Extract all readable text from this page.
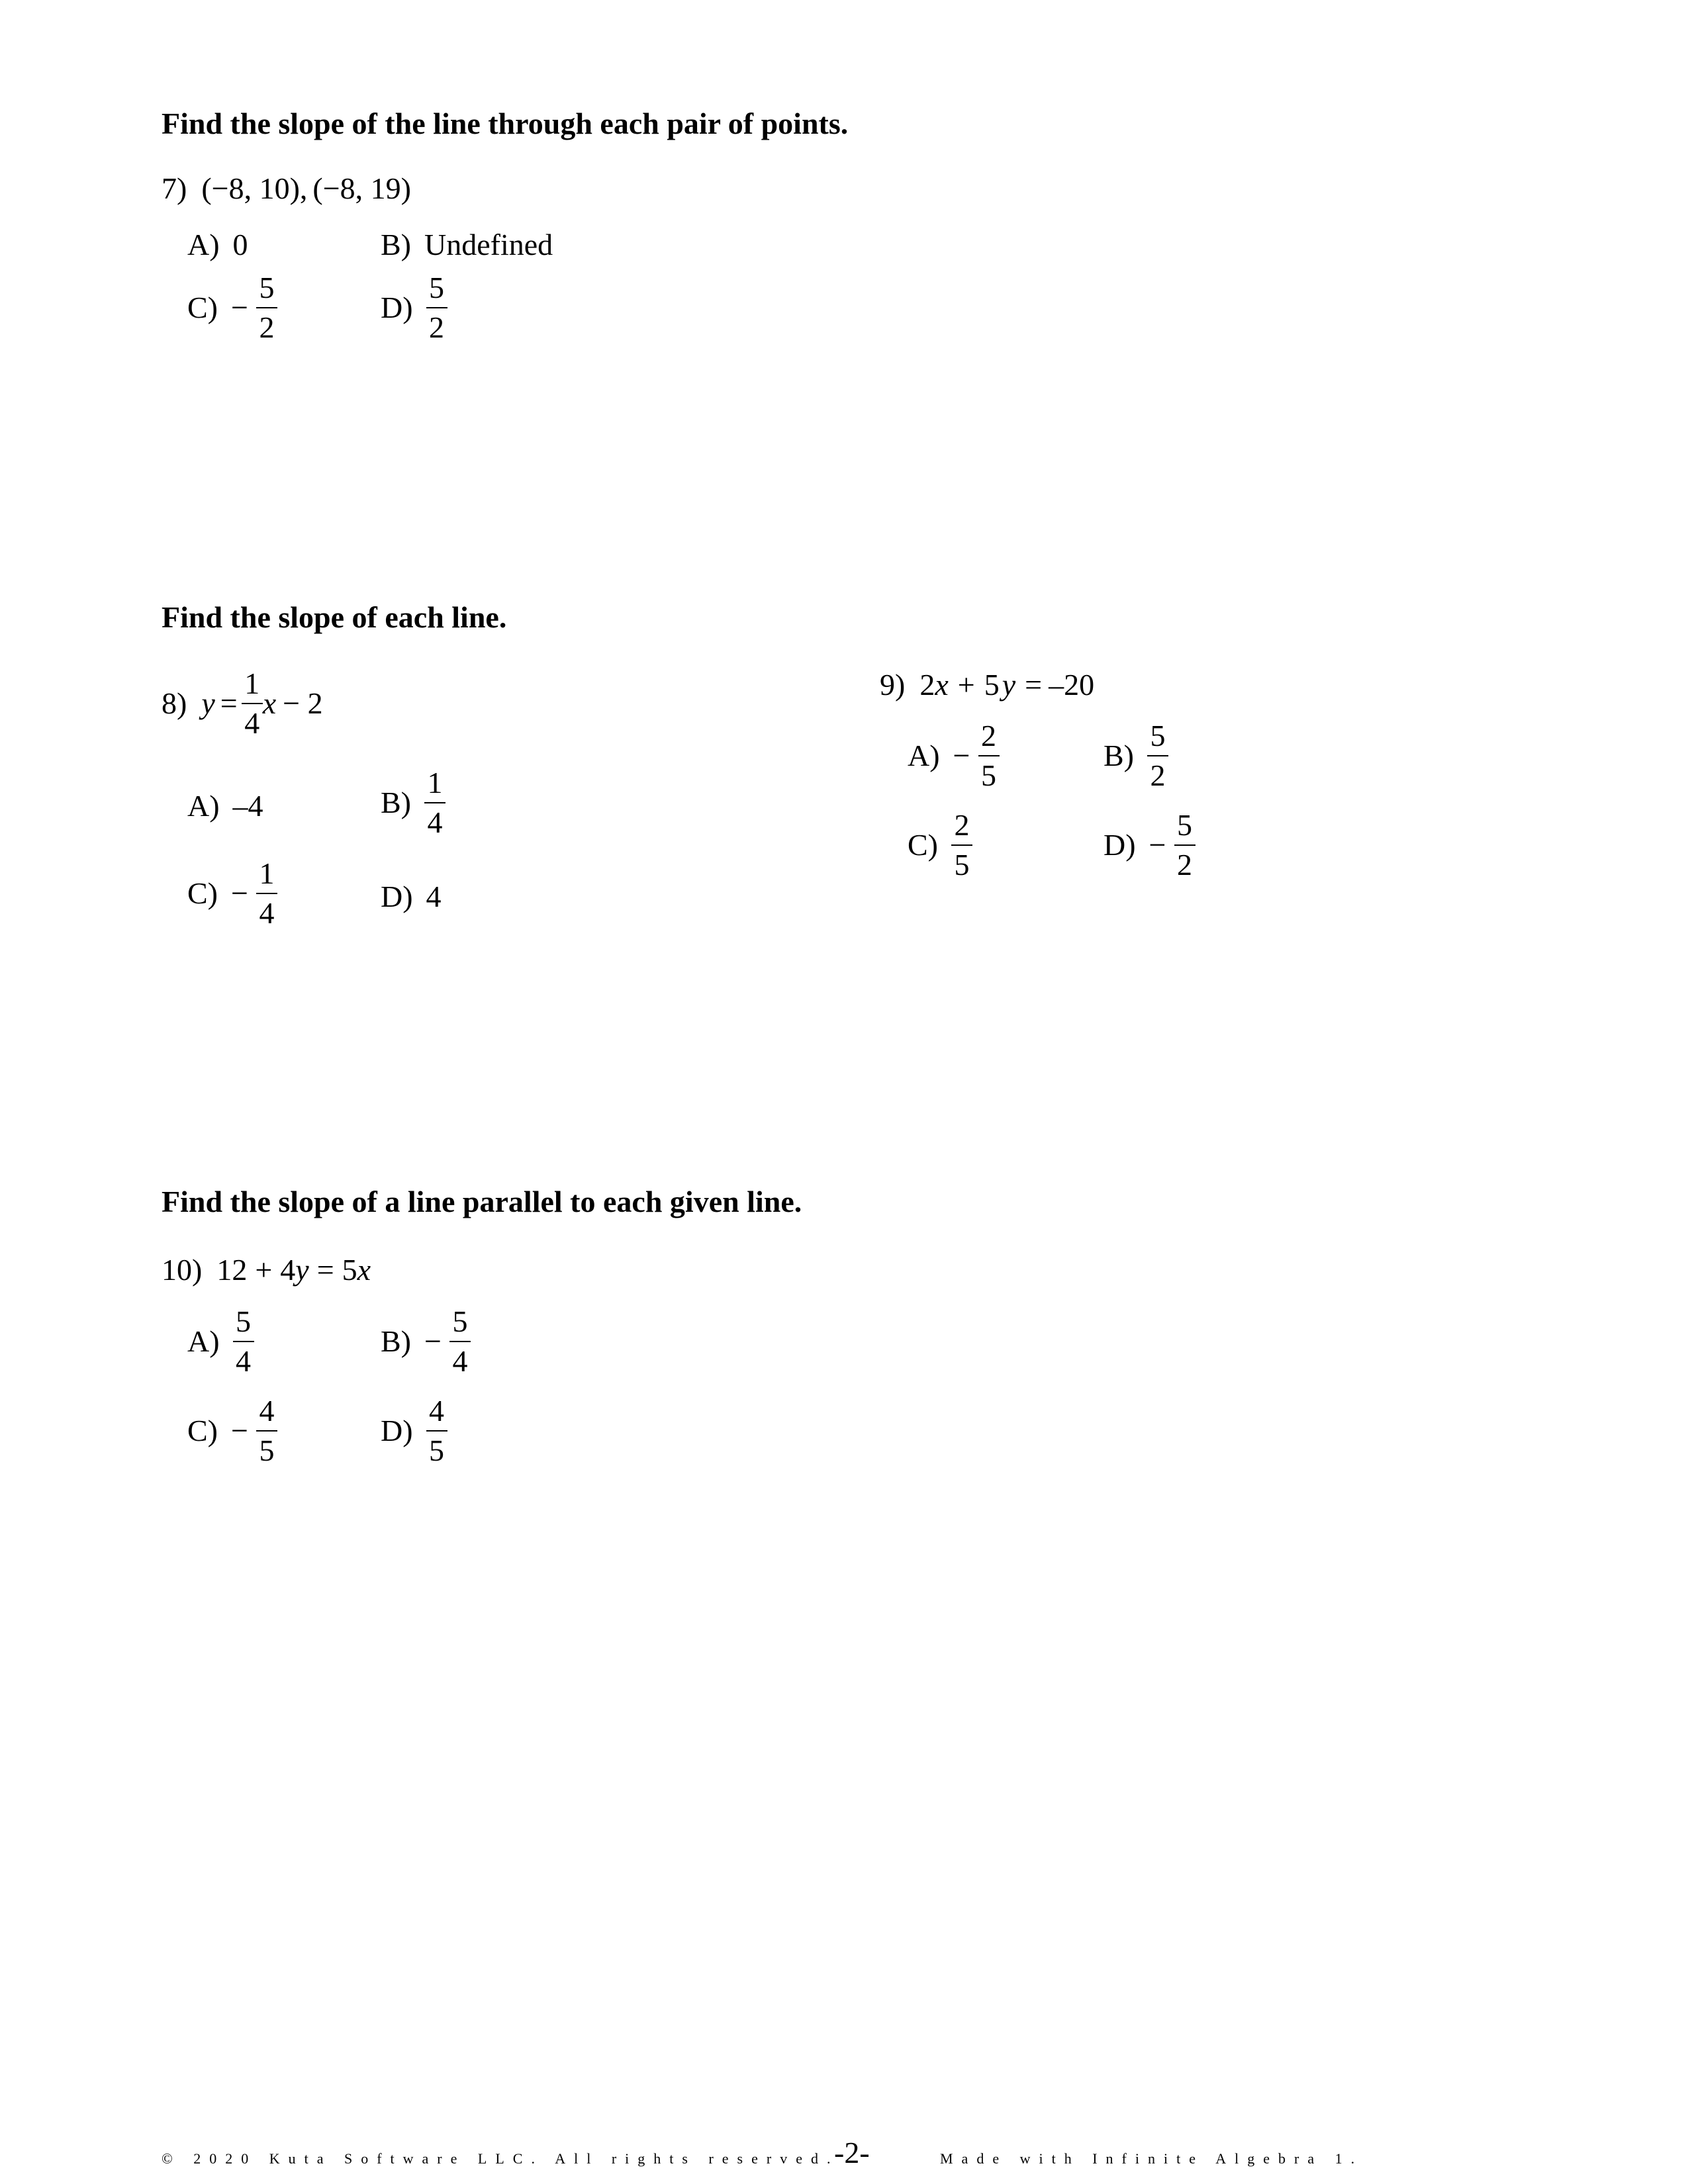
Find the slope of the line through each pair of points.
7) (−8, 10) , (−8, 19)
A) 0	B) Undefined
$C) - \frac{5}{2}$	$D) \frac{5}{2}$
Find the slope of each line.
8) $y = \frac{1}{4}$ x − 2
A) –4	$B) \frac{1}{4}$
$C) - \frac{1}{4}$	D) 4
9) 2 x + 5 y = –20
$A) - \frac{2}{5}$	$B) \frac{5}{2}$
$C) \frac{2}{5}$	$D) - \frac{5}{2}$
Find the slope of a line parallel to each given line.
10) 12 + 4 y = 5 x
$A) \frac{5}{4}$	$B) - \frac{5}{4}$
$C) - \frac{4}{5}$	$D) \frac{4}{5}$
© 2020 Kuta Software LLC. All rights reserved.	Made with Infinite Algebra 1.
-2-
